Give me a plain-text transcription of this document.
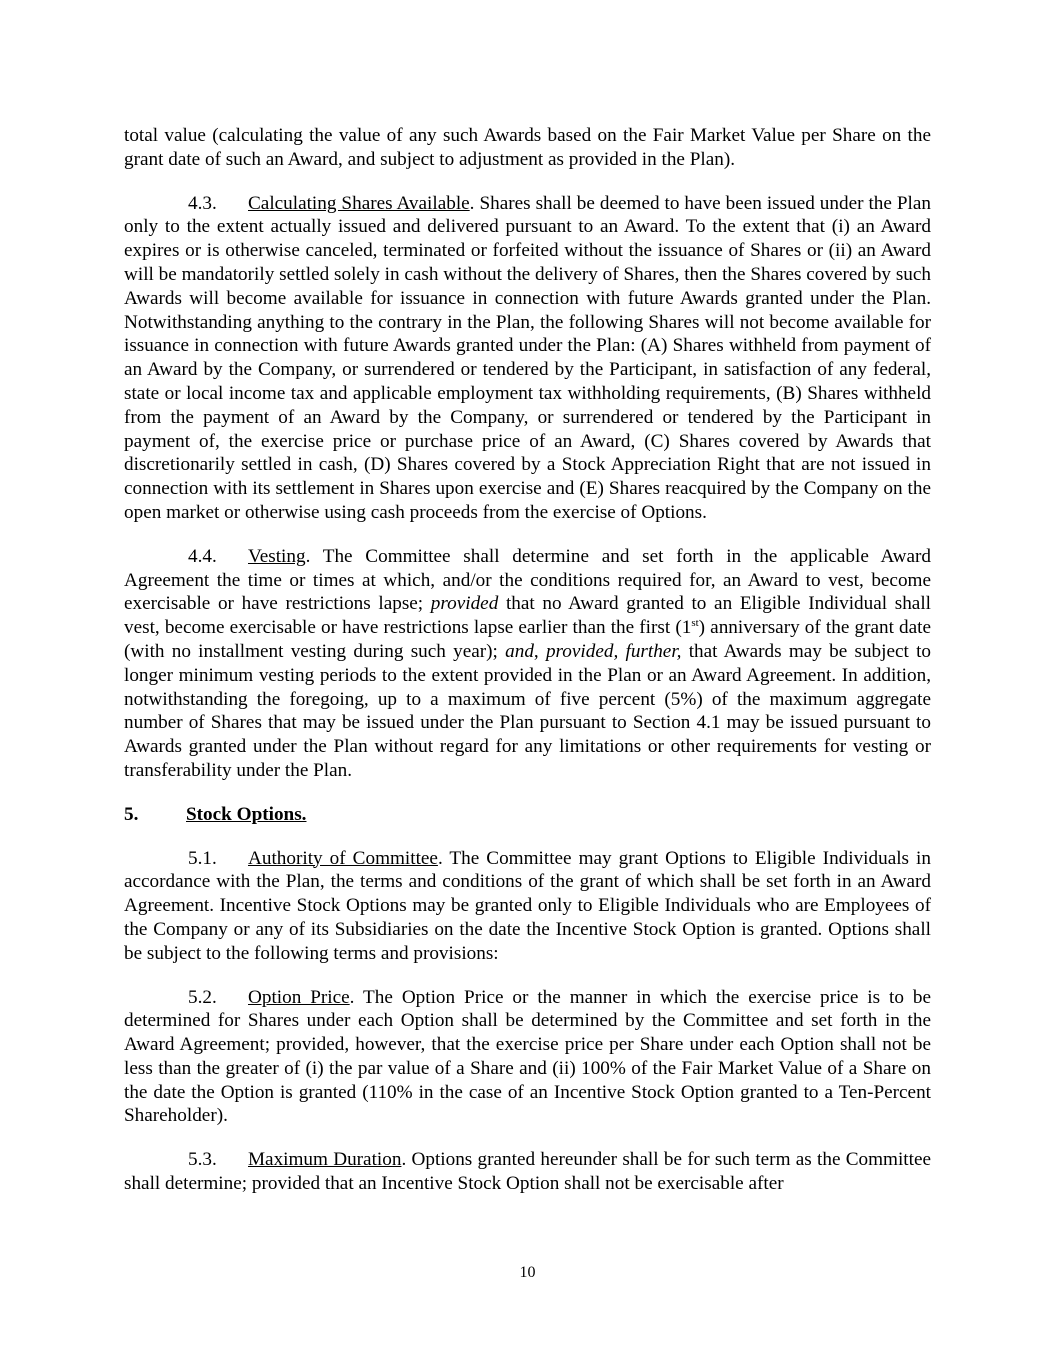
total value (calculating the value of any such Awards based on the Fair Market Value per Share on the grant date of such an Award, and subject to adjustment as provided in the Plan).

4.3. Calculating Shares Available. Shares shall be deemed to have been issued under the Plan only to the extent actually issued and delivered pursuant to an Award. To the extent that (i) an Award expires or is otherwise canceled, terminated or forfeited without the issuance of Shares or (ii) an Award will be mandatorily settled solely in cash without the delivery of Shares, then the Shares covered by such Awards will become available for issuance in connection with future Awards granted under the Plan. Notwithstanding anything to the contrary in the Plan, the following Shares will not become available for issuance in connection with future Awards granted under the Plan: (A) Shares withheld from payment of an Award by the Company, or surrendered or tendered by the Participant, in satisfaction of any federal, state or local income tax and applicable employment tax withholding requirements, (B) Shares withheld from the payment of an Award by the Company, or surrendered or tendered by the Participant in payment of, the exercise price or purchase price of an Award, (C) Shares covered by Awards that discretionarily settled in cash, (D) Shares covered by a Stock Appreciation Right that are not issued in connection with its settlement in Shares upon exercise and (E) Shares reacquired by the Company on the open market or otherwise using cash proceeds from the exercise of Options.

4.4. Vesting. The Committee shall determine and set forth in the applicable Award Agreement the time or times at which, and/or the conditions required for, an Award to vest, become exercisable or have restrictions lapse; provided that no Award granted to an Eligible Individual shall vest, become exercisable or have restrictions lapse earlier than the first (1st) anniversary of the grant date (with no installment vesting during such year); and, provided, further, that Awards may be subject to longer minimum vesting periods to the extent provided in the Plan or an Award Agreement. In addition, notwithstanding the foregoing, up to a maximum of five percent (5%) of the maximum aggregate number of Shares that may be issued under the Plan pursuant to Section 4.1 may be issued pursuant to Awards granted under the Plan without regard for any limitations or other requirements for vesting or transferability under the Plan.

5. Stock Options.

5.1. Authority of Committee. The Committee may grant Options to Eligible Individuals in accordance with the Plan, the terms and conditions of the grant of which shall be set forth in an Award Agreement. Incentive Stock Options may be granted only to Eligible Individuals who are Employees of the Company or any of its Subsidiaries on the date the Incentive Stock Option is granted. Options shall be subject to the following terms and provisions:

5.2. Option Price. The Option Price or the manner in which the exercise price is to be determined for Shares under each Option shall be determined by the Committee and set forth in the Award Agreement; provided, however, that the exercise price per Share under each Option shall not be less than the greater of (i) the par value of a Share and (ii) 100% of the Fair Market Value of a Share on the date the Option is granted (110% in the case of an Incentive Stock Option granted to a Ten-Percent Shareholder).

5.3. Maximum Duration. Options granted hereunder shall be for such term as the Committee shall determine; provided that an Incentive Stock Option shall not be exercisable after

10
